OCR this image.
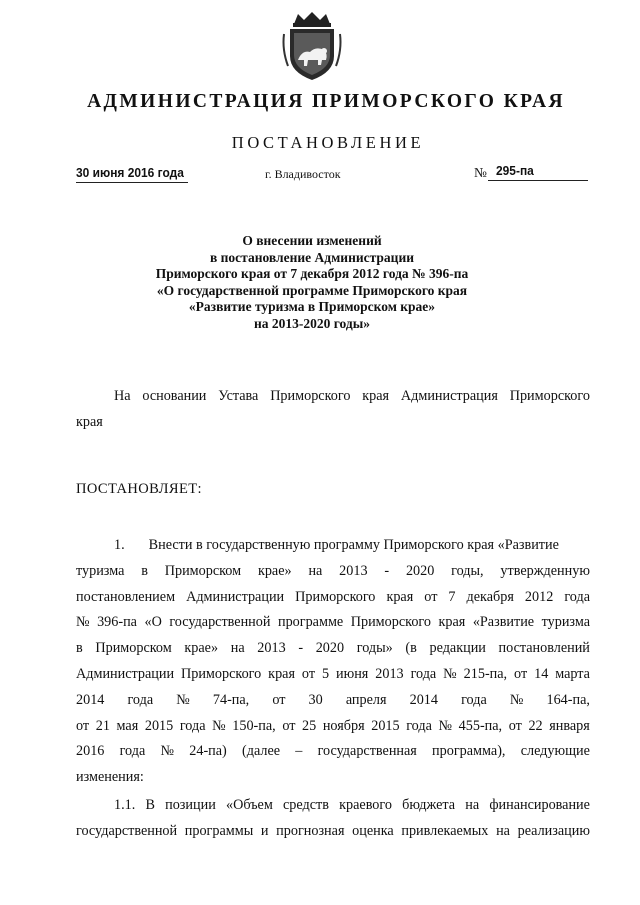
АДМИНИСТРАЦИЯ ПРИМОРСКОГО КРАЯ
ПОСТАНОВЛЕНИЕ
30 июня 2016 года	г. Владивосток	№ 295-па
О внесении изменений
в постановление Администрации
Приморского края от 7 декабря 2012 года № 396-па
«О государственной программе Приморского края
«Развитие туризма в Приморском крае»
на 2013-2020 годы»
На основании Устава Приморского края Администрация Приморского
края
ПОСТАНОВЛЯЕТ:
1. Внести в государственную программу Приморского края «Развитие
туризма в Приморском крае» на 2013 - 2020 годы, утвержденную
постановлением Администрации Приморского края от 7 декабря 2012 года
№ 396-па «О государственной программе Приморского края «Развитие туризма
в Приморском крае» на 2013 - 2020 годы» (в редакции постановлений
Администрации Приморского края от 5 июня 2013 года № 215-па, от 14 марта
2014 года № 74-па, от 30 апреля 2014 года № 164-па,
от 21 мая 2015 года № 150-па, от 25 ноября 2015 года № 455-па, от 22 января
2016 года № 24-па) (далее – государственная программа), следующие
изменения:
1.1. В позиции «Объем средств краевого бюджета на финансирование
государственной программы и прогнозная оценка привлекаемых на реализацию
